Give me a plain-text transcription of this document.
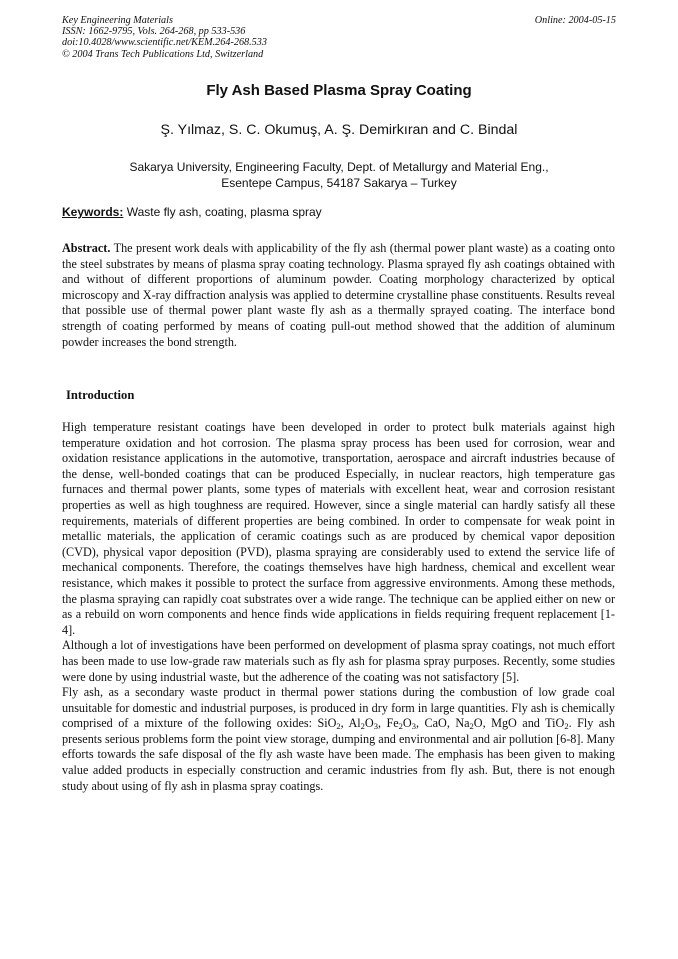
Key Engineering Materials
ISSN: 1662-9795, Vols. 264-268, pp 533-536
doi:10.4028/www.scientific.net/KEM.264-268.533
© 2004 Trans Tech Publications Ltd, Switzerland
Online: 2004-05-15
Fly Ash Based Plasma Spray Coating
Ş. Yılmaz, S. C. Okumuş, A. Ş. Demirkıran and C. Bindal
Sakarya University, Engineering Faculty, Dept. of Metallurgy and Material Eng.,
Esentepe Campus, 54187 Sakarya – Turkey
Keywords: Waste fly ash, coating, plasma spray
Abstract. The present work deals with applicability of the fly ash (thermal power plant waste) as a coating onto the steel substrates by means of plasma spray coating technology. Plasma sprayed fly ash coatings obtained with and without of different proportions of aluminum powder. Coating morphology characterized by optical microscopy and X-ray diffraction analysis was applied to determine crystalline phase constituents. Results reveal that possible use of thermal power plant waste fly ash as a thermally sprayed coating. The interface bond strength of coating performed by means of coating pull-out method showed that the addition of aluminum powder increases the bond strength.
Introduction

High temperature resistant coatings have been developed in order to protect bulk materials against high temperature oxidation and hot corrosion. The plasma spray process has been used for corrosion, wear and oxidation resistance applications in the automotive, transportation, aerospace and aircraft industries because of the dense, well-bonded coatings that can be produced Especially, in nuclear reactors, high temperature gas furnaces and thermal power plants, some types of materials with excellent heat, wear and corrosion resistant properties as well as high toughness are required. However, since a single material can hardly satisfy all these requirements, materials of different properties are being combined. In order to compensate for weak point in metallic materials, the application of ceramic coatings such as are produced by chemical vapor deposition (CVD), physical vapor deposition (PVD), plasma spraying are considerably used to extend the service life of mechanical components. Therefore, the coatings themselves have high hardness, chemical and excellent wear resistance, which makes it possible to protect the surface from aggressive environments. Among these methods, the plasma spraying can rapidly coat substrates over a wide range. The technique can be applied either on new or as a rebuild on worn components and hence finds wide applications in fields requiring frequent replacement [1-4].

Although a lot of investigations have been performed on development of plasma spray coatings, not much effort has been made to use low-grade raw materials such as fly ash for plasma spray purposes. Recently, some studies were done by using industrial waste, but the adherence of the coating was not satisfactory [5].

Fly ash, as a secondary waste product in thermal power stations during the combustion of low grade coal unsuitable for domestic and industrial purposes, is produced in dry form in large quantities. Fly ash is chemically comprised of a mixture of the following oxides: SiO$_2$, $Al_2O_3$, $Fe_2O_3$, CaO, $Na_2O$, MgO and TiO$_2$. Fly ash presents serious problems form the point view storage, dumping and environmental and air pollution [6-8]. Many efforts towards the safe disposal of the fly ash waste have been made. The emphasis has been given to making value added products in especially construction and ceramic industries from fly ash. But, there is not enough study about using of fly ash in plasma spray coatings.
